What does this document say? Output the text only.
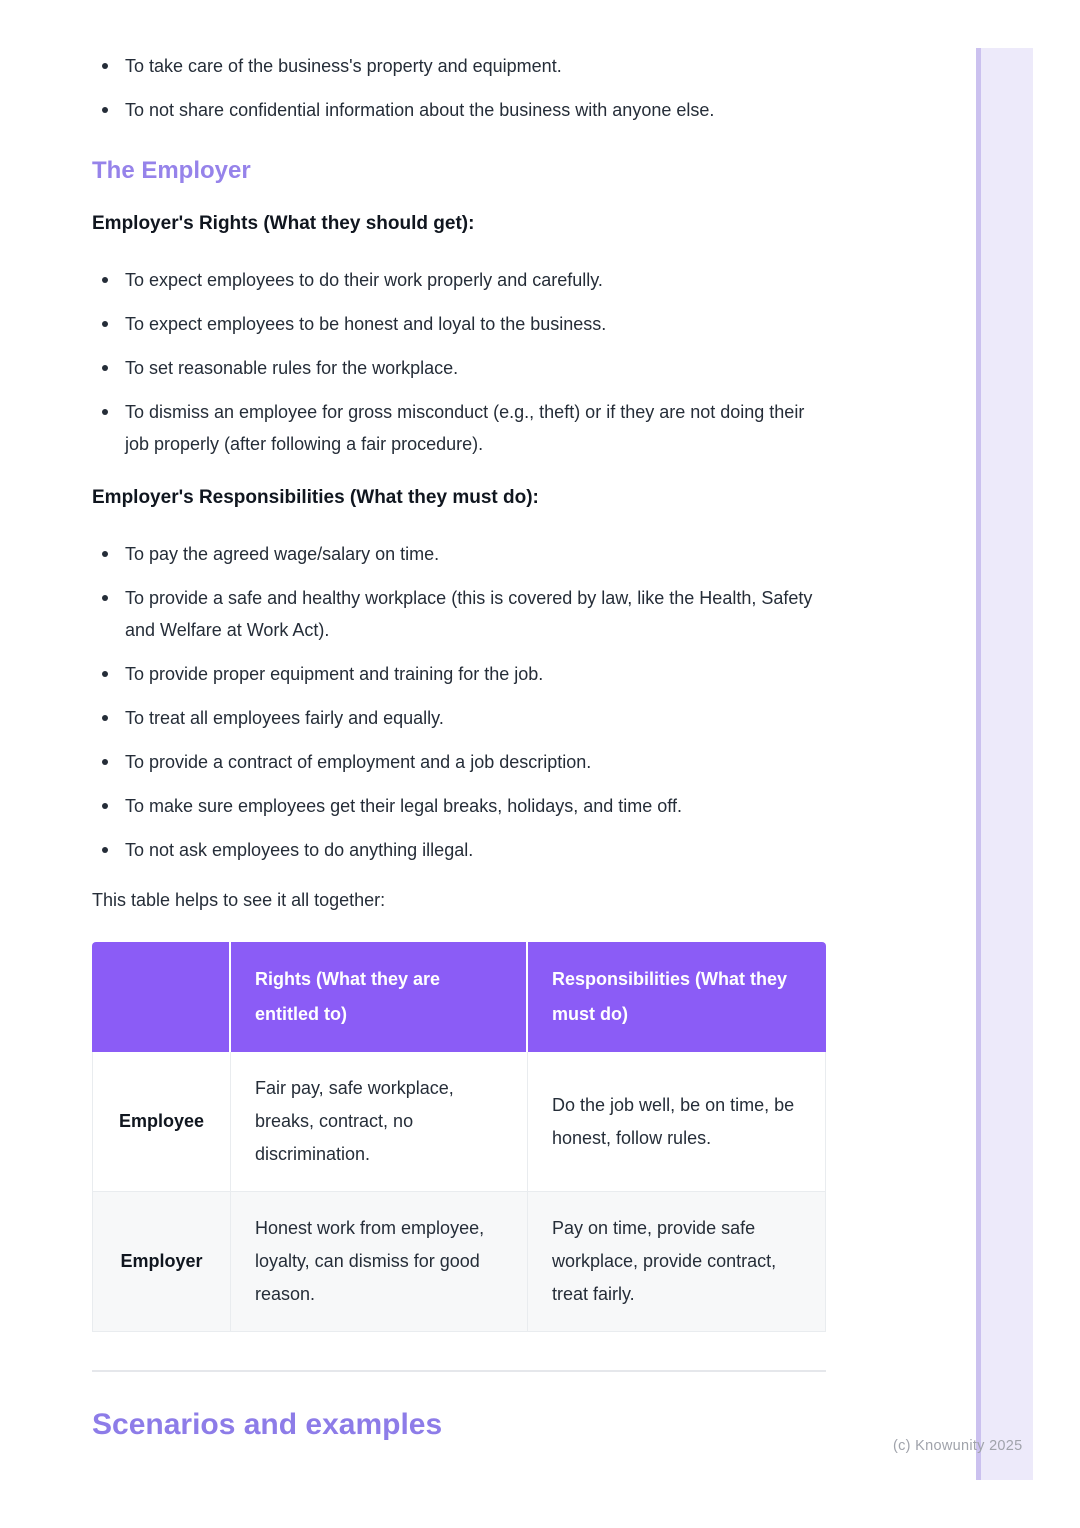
(c) Knowunity 2025
To take care of the business's property and equipment.
To not share confidential information about the business with anyone else.
The Employer
Employer's Rights (What they should get):
To expect employees to do their work properly and carefully.
To expect employees to be honest and loyal to the business.
To set reasonable rules for the workplace.
To dismiss an employee for gross misconduct (e.g., theft) or if they are not doing their job properly (after following a fair procedure).
Employer's Responsibilities (What they must do):
To pay the agreed wage/salary on time.
To provide a safe and healthy workplace (this is covered by law, like the Health, Safety and Welfare at Work Act).
To provide proper equipment and training for the job.
To treat all employees fairly and equally.
To provide a contract of employment and a job description.
To make sure employees get their legal breaks, holidays, and time off.
To not ask employees to do anything illegal.

This table helps to see it all together:

	Rights (What they are entitled to)	Responsibilities (What they must do)
Employee	Fair pay, safe workplace, breaks, contract, no discrimination.	Do the job well, be on time, be honest, follow rules.
Employer	Honest work from employee, loyalty, can dismiss for good reason.	Pay on time, provide safe workplace, provide contract, treat fairly.
Scenarios and examples
